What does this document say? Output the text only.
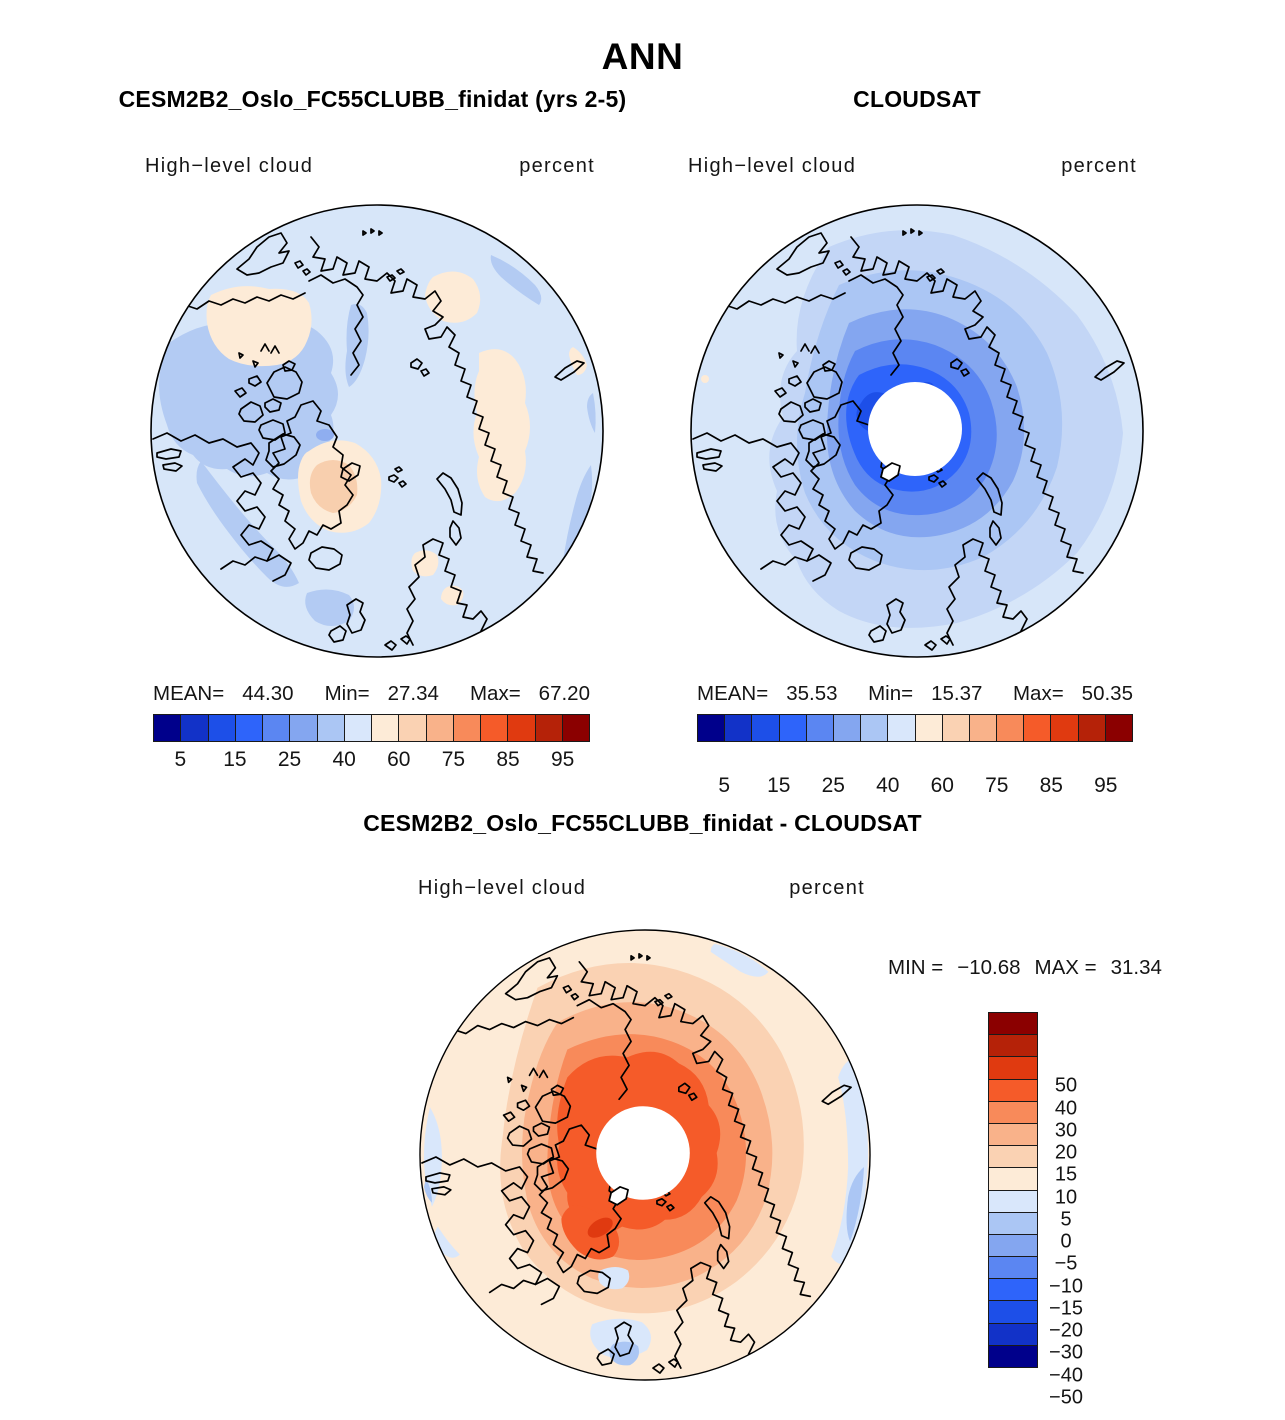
ANN
CESM2B2_Oslo_FC55CLUBB_finidat (yrs 2-5)	CLOUDSAT
High−level cloud	percent	High−level cloud	percent
MEAN= 44.30 Min= 27.34 Max= 67.20	MEAN= 35.53 Min= 15.37 Max= 50.35
5 15 25 40 60 75 85 95
5 15 25 40 60 75 85 95
CESM2B2_Oslo_FC55CLUBB_finidat - CLOUDSAT
High−level cloud	percent
MIN = −10.68 MAX = 31.34
50
40
30
20
15
10
5
0
−5
−10
−15
−20
−30
−40
−50
